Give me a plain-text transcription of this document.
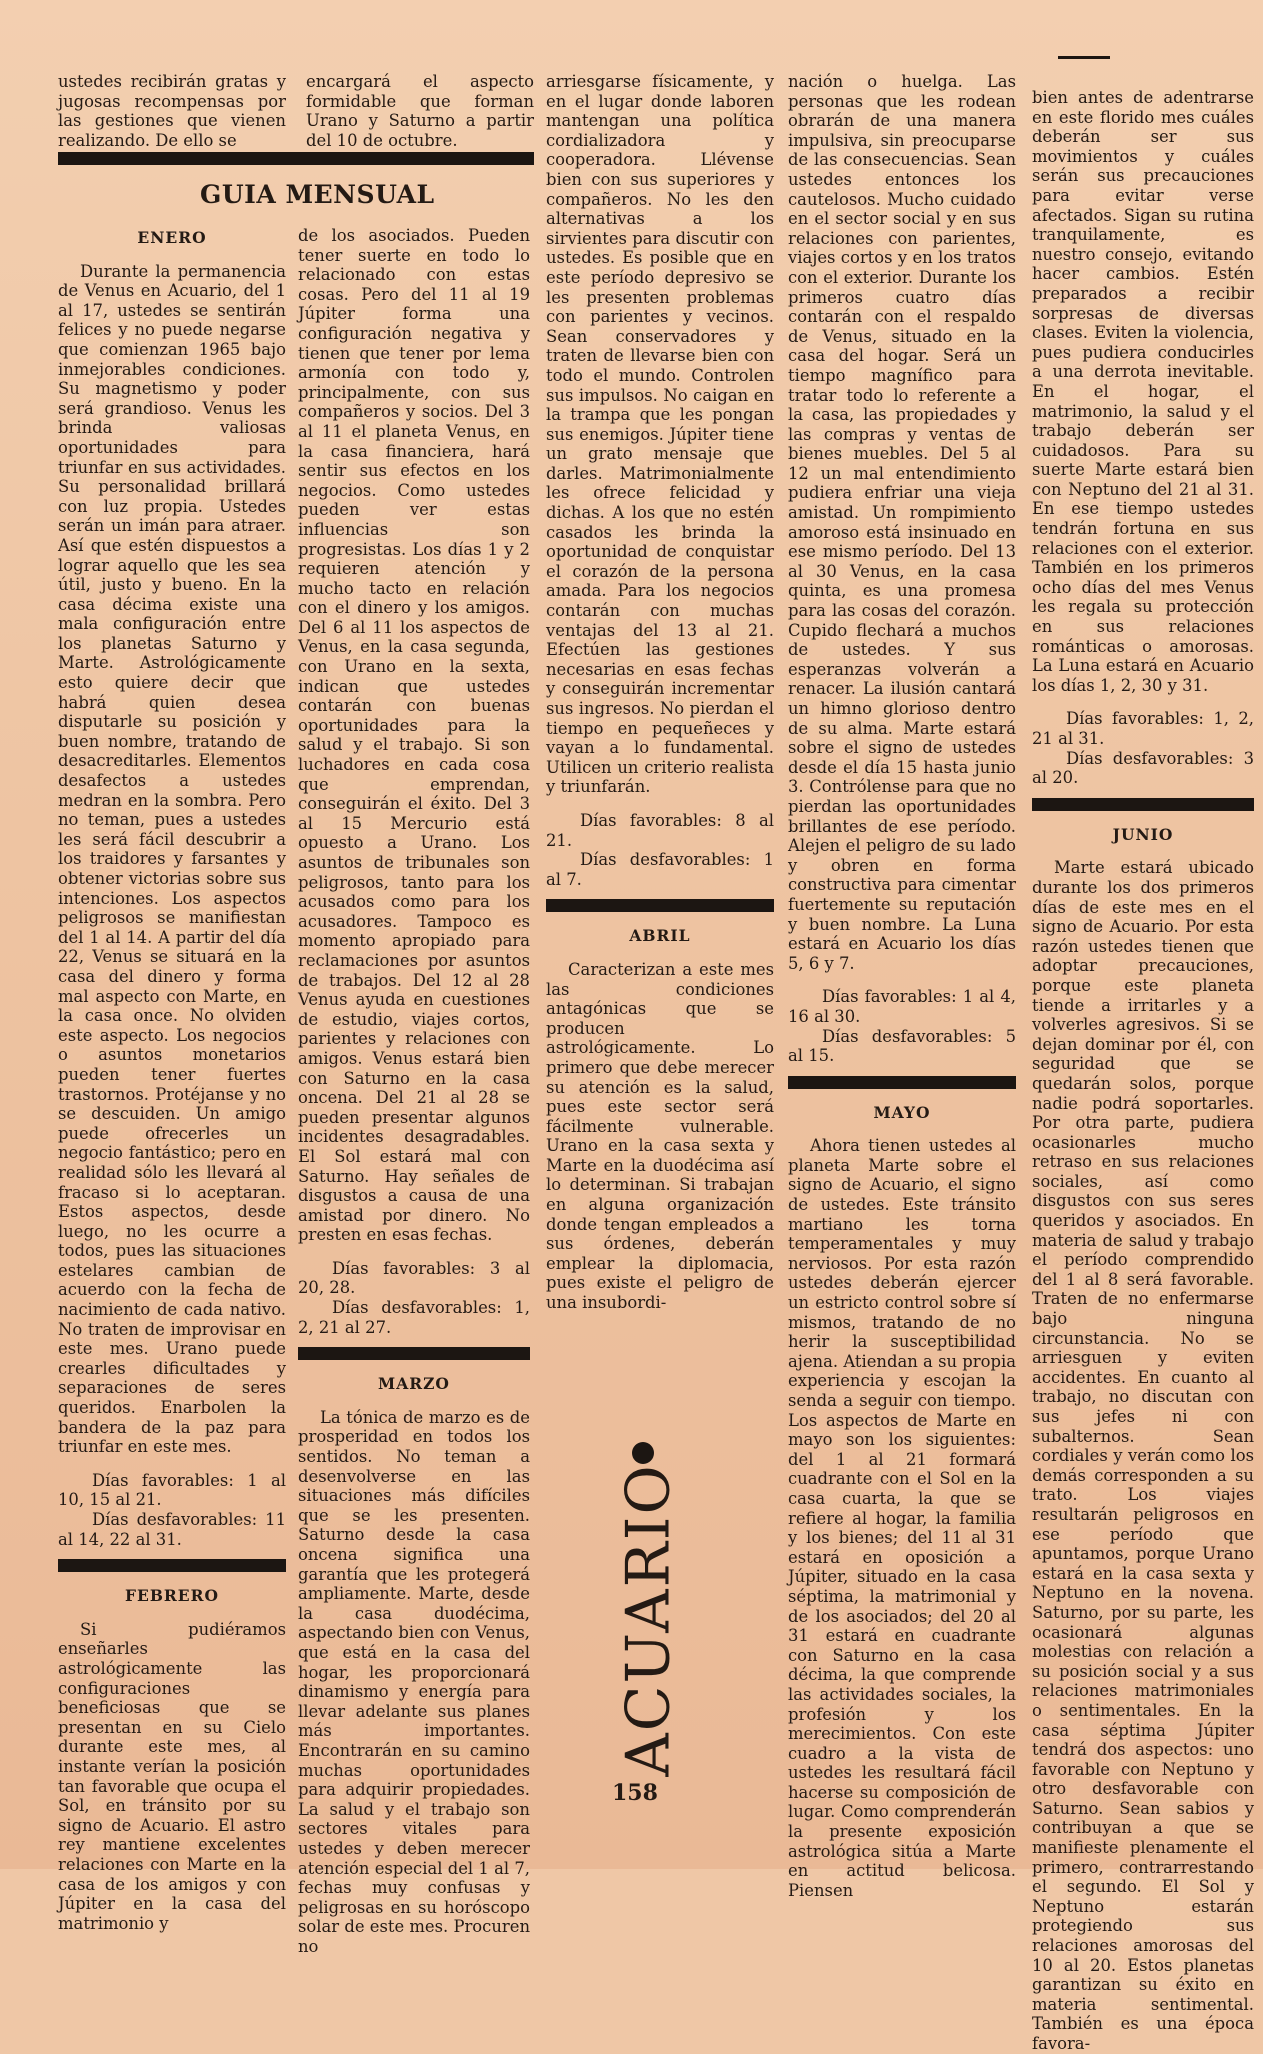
ustedes recibirán gratas y jugosas recompensas por las gestiones que vienen realizando. De ello se

encargará el aspecto formidable que forman Urano y Saturno a partir del 10 de octubre.

GUIA MENSUAL
ENERO

Durante la permanencia de Venus en Acuario, del 1 al 17, ustedes se sentirán felices y no puede negarse que comienzan 1965 bajo inmejorables condiciones. Su magnetismo y poder será grandioso. Venus les brinda valiosas oportunidades para triunfar en sus actividades. Su personalidad brillará con luz propia. Ustedes serán un imán para atraer. Así que estén dispuestos a lograr aquello que les sea útil, justo y bueno. En la casa décima existe una mala configuración entre los planetas Saturno y Marte. Astrológicamente esto quiere decir que habrá quien desea disputarle su posición y buen nombre, tratando de desacreditarles. Elementos desafectos a ustedes medran en la sombra. Pero no teman, pues a ustedes les será fácil descubrir a los traidores y farsantes y obtener victorias sobre sus intenciones. Los aspectos peligrosos se manifiestan del 1 al 14. A partir del día 22, Venus se situará en la casa del dinero y forma mal aspecto con Marte, en la casa once. No olviden este aspecto. Los negocios o asuntos monetarios pueden tener fuertes trastornos. Protéjanse y no se descuiden. Un amigo puede ofrecerles un negocio fantástico; pero en realidad sólo les llevará al fracaso si lo aceptaran. Estos aspectos, desde luego, no les ocurre a todos, pues las situaciones estelares cambian de acuerdo con la fecha de nacimiento de cada nativo. No traten de improvisar en este mes. Urano puede crearles dificultades y separaciones de seres queridos. Enarbolen la bandera de la paz para triunfar en este mes.

Días favorables: 1 al 10, 15 al 21.

Días desfavorables: 11 al 14, 22 al 31.

FEBRERO

Si pudiéramos enseñarles astrológicamente las configuraciones beneficiosas que se presentan en su Cielo durante este mes, al instante verían la posición tan favorable que ocupa el Sol, en tránsito por su signo de Acuario. El astro rey mantiene excelentes relaciones con Marte en la casa de los amigos y con Júpiter en la casa del matrimonio y

de los asociados. Pueden tener suerte en todo lo relacionado con estas cosas. Pero del 11 al 19 Júpiter forma una configuración negativa y tienen que tener por lema armonía con todo y, principalmente, con sus compañeros y socios. Del 3 al 11 el planeta Venus, en la casa financiera, hará sentir sus efectos en los negocios. Como ustedes pueden ver estas influencias son progresistas. Los días 1 y 2 requieren atención y mucho tacto en relación con el dinero y los amigos. Del 6 al 11 los aspectos de Venus, en la casa segunda, con Urano en la sexta, indican que ustedes contarán con buenas oportunidades para la salud y el trabajo. Si son luchadores en cada cosa que emprendan, conseguirán el éxito. Del 3 al 15 Mercurio está opuesto a Urano. Los asuntos de tribunales son peligrosos, tanto para los acusados como para los acusadores. Tampoco es momento apropiado para reclamaciones por asuntos de trabajos. Del 12 al 28 Venus ayuda en cuestiones de estudio, viajes cortos, parientes y relaciones con amigos. Venus estará bien con Saturno en la casa oncena. Del 21 al 28 se pueden presentar algunos incidentes desagradables. El Sol estará mal con Saturno. Hay señales de disgustos a causa de una amistad por dinero. No presten en esas fechas.

Días favorables: 3 al 20, 28.

Días desfavorables: 1, 2, 21 al 27.

MARZO

La tónica de marzo es de prosperidad en todos los sentidos. No teman a desenvolverse en las situaciones más difíciles que se les presenten. Saturno desde la casa oncena significa una garantía que les protegerá ampliamente. Marte, desde la casa duodécima, aspectando bien con Venus, que está en la casa del hogar, les proporcionará dinamismo y energía para llevar adelante sus planes más importantes. Encontrarán en su camino muchas oportunidades para adquirir propiedades. La salud y el trabajo son sectores vitales para ustedes y deben merecer atención especial del 1 al 7, fechas muy confusas y peligrosas en su horóscopo solar de este mes. Procuren no

arriesgarse físicamente, y en el lugar donde laboren mantengan una política cordializadora y cooperadora. Llévense bien con sus superiores y compañeros. No les den alternativas a los sirvientes para discutir con ustedes. Es posible que en este período depresivo se les presenten problemas con parientes y vecinos. Sean conservadores y traten de llevarse bien con todo el mundo. Controlen sus impulsos. No caigan en la trampa que les pongan sus enemigos. Júpiter tiene un grato mensaje que darles. Matrimonialmente les ofrece felicidad y dichas. A los que no estén casados les brinda la oportunidad de conquistar el corazón de la persona amada. Para los negocios contarán con muchas ventajas del 13 al 21. Efectúen las gestiones necesarias en esas fechas y conseguirán incrementar sus ingresos. No pierdan el tiempo en pequeñeces y vayan a lo fundamental. Utilicen un criterio realista y triunfarán.

Días favorables: 8 al 21.

Días desfavorables: 1 al 7.

ABRIL

Caracterizan a este mes las condiciones antagónicas que se producen astrológicamente. Lo primero que debe merecer su atención es la salud, pues este sector será fácilmente vulnerable. Urano en la casa sexta y Marte en la duodécima así lo determinan. Si trabajan en alguna organización donde tengan empleados a sus órdenes, deberán emplear la diplomacia, pues existe el peligro de una insubordi-

nación o huelga. Las personas que les rodean obrarán de una manera impulsiva, sin preocuparse de las consecuencias. Sean ustedes entonces los cautelosos. Mucho cuidado en el sector social y en sus relaciones con parientes, viajes cortos y en los tratos con el exterior. Durante los primeros cuatro días contarán con el respaldo de Venus, situado en la casa del hogar. Será un tiempo magnífico para tratar todo lo referente a la casa, las propiedades y las compras y ventas de bienes muebles. Del 5 al 12 un mal entendimiento pudiera enfriar una vieja amistad. Un rompimiento amoroso está insinuado en ese mismo período. Del 13 al 30 Venus, en la casa quinta, es una promesa para las cosas del corazón. Cupido flechará a muchos de ustedes. Y sus esperanzas volverán a renacer. La ilusión cantará un himno glorioso dentro de su alma. Marte estará sobre el signo de ustedes desde el día 15 hasta junio 3. Contrólense para que no pierdan las oportunidades brillantes de ese período. Alejen el peligro de su lado y obren en forma constructiva para cimentar fuertemente su reputación y buen nombre. La Luna estará en Acuario los días 5, 6 y 7.

Días favorables: 1 al 4, 16 al 30.

Días desfavorables: 5 al 15.

MAYO

Ahora tienen ustedes al planeta Marte sobre el signo de Acuario, el signo de ustedes. Este tránsito martiano les torna temperamentales y muy nerviosos. Por esta razón ustedes deberán ejercer un estricto control sobre sí mismos, tratando de no herir la susceptibilidad ajena. Atiendan a su propia experiencia y escojan la senda a seguir con tiempo. Los aspectos de Marte en mayo son los siguientes: del 1 al 21 formará cuadrante con el Sol en la casa cuarta, la que se refiere al hogar, la familia y los bienes; del 11 al 31 estará en oposición a Júpiter, situado en la casa séptima, la matrimonial y de los asociados; del 20 al 31 estará en cuadrante con Saturno en la casa décima, la que comprende las actividades sociales, la profesión y los merecimientos. Con este cuadro a la vista de ustedes les resultará fácil hacerse su composición de lugar. Como comprenderán la presente exposición astrológica sitúa a Marte en actitud belicosa. Piensen

bien antes de adentrarse en este florido mes cuáles deberán ser sus movimientos y cuáles serán sus precauciones para evitar verse afectados. Sigan su rutina tranquilamente, es nuestro consejo, evitando hacer cambios. Estén preparados a recibir sorpresas de diversas clases. Eviten la violencia, pues pudiera conducirles a una derrota inevitable. En el hogar, el matrimonio, la salud y el trabajo deberán ser cuidadosos. Para su suerte Marte estará bien con Neptuno del 21 al 31. En ese tiempo ustedes tendrán fortuna en sus relaciones con el exterior. También en los primeros ocho días del mes Venus les regala su protección en sus relaciones románticas o amorosas. La Luna estará en Acuario los días 1, 2, 30 y 31.

Días favorables: 1, 2, 21 al 31.

Días desfavorables: 3 al 20.

JUNIO

Marte estará ubicado durante los dos primeros días de este mes en el signo de Acuario. Por esta razón ustedes tienen que adoptar precauciones, porque este planeta tiende a irritarles y a volverles agresivos. Si se dejan dominar por él, con seguridad que se quedarán solos, porque nadie podrá soportarles. Por otra parte, pudiera ocasionarles mucho retraso en sus relaciones sociales, así como disgustos con sus seres queridos y asociados. En materia de salud y trabajo el período comprendido del 1 al 8 será favorable. Traten de no enfermarse bajo ninguna circunstancia. No se arriesguen y eviten accidentes. En cuanto al trabajo, no discutan con sus jefes ni con subalternos. Sean cordiales y verán como los demás corresponden a su trato. Los viajes resultarán peligrosos en ese período que apuntamos, porque Urano estará en la casa sexta y Neptuno en la novena. Saturno, por su parte, les ocasionará algunas molestias con relación a su posición social y a sus relaciones matrimoniales o sentimentales. En la casa séptima Júpiter tendrá dos aspectos: uno favorable con Neptuno y otro desfavorable con Saturno. Sean sabios y contribuyan a que se manifieste plenamente el primero, contrarrestando el segundo. El Sol y Neptuno estarán protegiendo sus relaciones amorosas del 10 al 20. Estos planetas garantizan su éxito en materia sentimental. También es una época favora-

ACUARIO
158
